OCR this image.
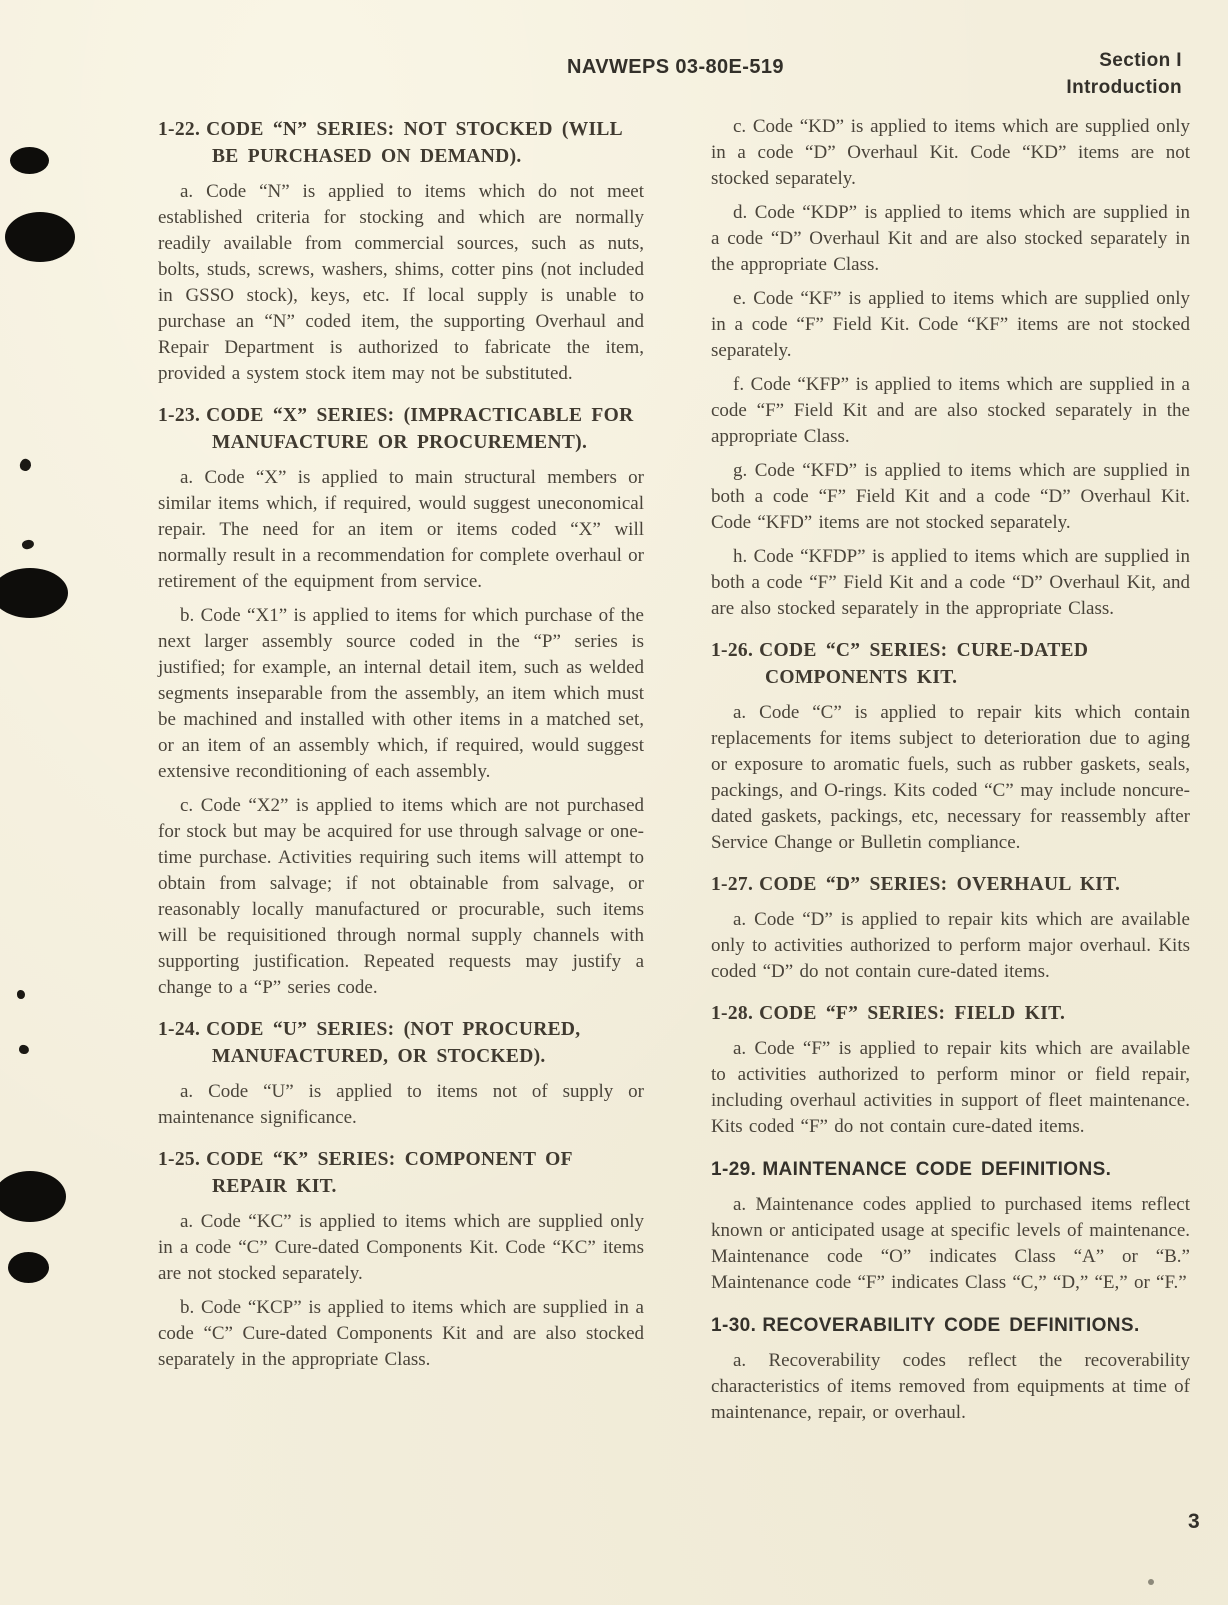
NAVWEPS 03-80E-519	Section I
Introduction
1-22. CODE “N” SERIES: NOT STOCKED (WILL
BE PURCHASED ON DEMAND).

a. Code “N” is applied to items which do not meet established criteria for stocking and which are normally readily available from commercial sources, such as nuts, bolts, studs, screws, washers, shims, cotter pins (not included in GSSO stock), keys, etc. If local supply is unable to purchase an “N” coded item, the supporting Overhaul and Repair Department is authorized to fabricate the item, provided a system stock item may not be substituted.

1-23. CODE “X” SERIES: (IMPRACTICABLE FOR
MANUFACTURE OR PROCUREMENT).

a. Code “X” is applied to main structural members or similar items which, if required, would suggest uneconomical repair. The need for an item or items coded “X” will normally result in a recommendation for complete overhaul or retirement of the equipment from service.

b. Code “X1” is applied to items for which purchase of the next larger assembly source coded in the “P” series is justified; for example, an internal detail item, such as welded segments inseparable from the assembly, an item which must be machined and installed with other items in a matched set, or an item of an assembly which, if required, would suggest extensive reconditioning of each assembly.

c. Code “X2” is applied to items which are not purchased for stock but may be acquired for use through salvage or one-time purchase. Activities requiring such items will attempt to obtain from salvage; if not obtainable from salvage, or reasonably locally manufactured or procurable, such items will be requisitioned through normal supply channels with supporting justification. Repeated requests may justify a change to a “P” series code.

1-24. CODE “U” SERIES: (NOT PROCURED,
MANUFACTURED, OR STOCKED).

a. Code “U” is applied to items not of supply or maintenance significance.

1-25. CODE “K” SERIES: COMPONENT OF
REPAIR KIT.

a. Code “KC” is applied to items which are supplied only in a code “C” Cure-dated Components Kit. Code “KC” items are not stocked separately.

b. Code “KCP” is applied to items which are supplied in a code “C” Cure-dated Components Kit and are also stocked separately in the appropriate Class.

c. Code “KD” is applied to items which are supplied only in a code “D” Overhaul Kit. Code “KD” items are not stocked separately.

d. Code “KDP” is applied to items which are supplied in a code “D” Overhaul Kit and are also stocked separately in the appropriate Class.

e. Code “KF” is applied to items which are supplied only in a code “F” Field Kit. Code “KF” items are not stocked separately.

f. Code “KFP” is applied to items which are supplied in a code “F” Field Kit and are also stocked separately in the appropriate Class.

g. Code “KFD” is applied to items which are supplied in both a code “F” Field Kit and a code “D” Overhaul Kit. Code “KFD” items are not stocked separately.

h. Code “KFDP” is applied to items which are supplied in both a code “F” Field Kit and a code “D” Overhaul Kit, and are also stocked separately in the appropriate Class.

1-26. CODE “C” SERIES: CURE-DATED
COMPONENTS KIT.

a. Code “C” is applied to repair kits which contain replacements for items subject to deterioration due to aging or exposure to aromatic fuels, such as rubber gaskets, seals, packings, and O-rings. Kits coded “C” may include noncure-dated gaskets, packings, etc, necessary for reassembly after Service Change or Bulletin compliance.

1-27. CODE “D” SERIES: OVERHAUL KIT.

a. Code “D” is applied to repair kits which are available only to activities authorized to perform major overhaul. Kits coded “D” do not contain cure-dated items.

1-28. CODE “F” SERIES: FIELD KIT.

a. Code “F” is applied to repair kits which are available to activities authorized to perform minor or field repair, including overhaul activities in support of fleet maintenance. Kits coded “F” do not contain cure-dated items.

1-29. MAINTENANCE CODE DEFINITIONS.

a. Maintenance codes applied to purchased items reflect known or anticipated usage at specific levels of maintenance. Maintenance code “O” indicates Class “A” or “B.” Maintenance code “F” indicates Class “C,” “D,” “E,” or “F.”

1-30. RECOVERABILITY CODE DEFINITIONS.

a. Recoverability codes reflect the recoverability characteristics of items removed from equipments at time of maintenance, repair, or overhaul.

3
